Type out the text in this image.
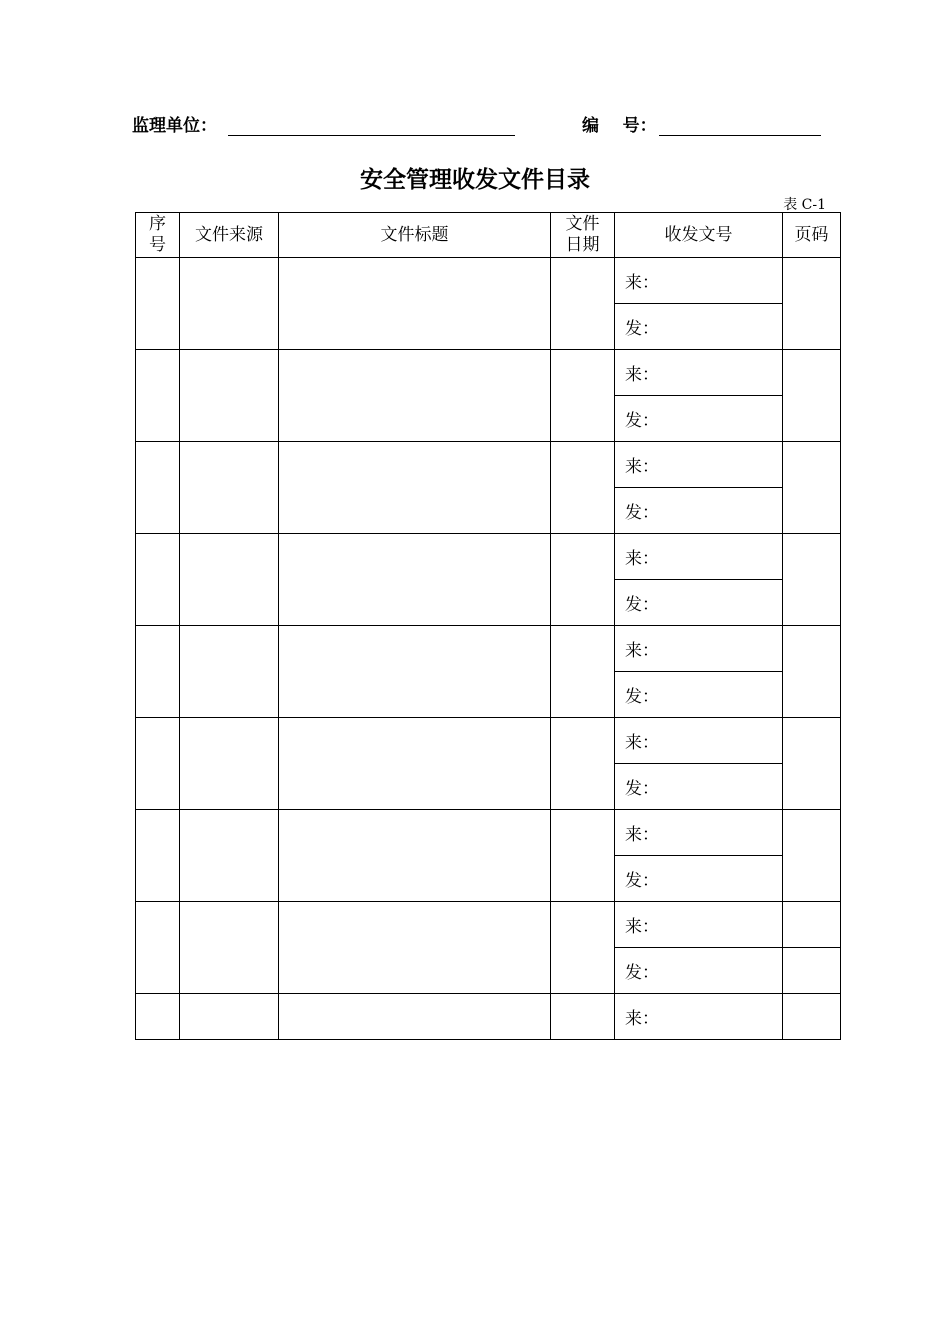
监理单位：	编    号：
安全管理收发文件目录
表 C-1
序号	文件来源	文件标题	文件日期	收发文号	页码
				来：	
				发：	
				来：	
				发：	
				来：	
				发：	
				来：	
				发：	
				来：	
				发：	
				来：	
				发：	
				来：	
				发：	
				来：	
				发：	
				来：	
